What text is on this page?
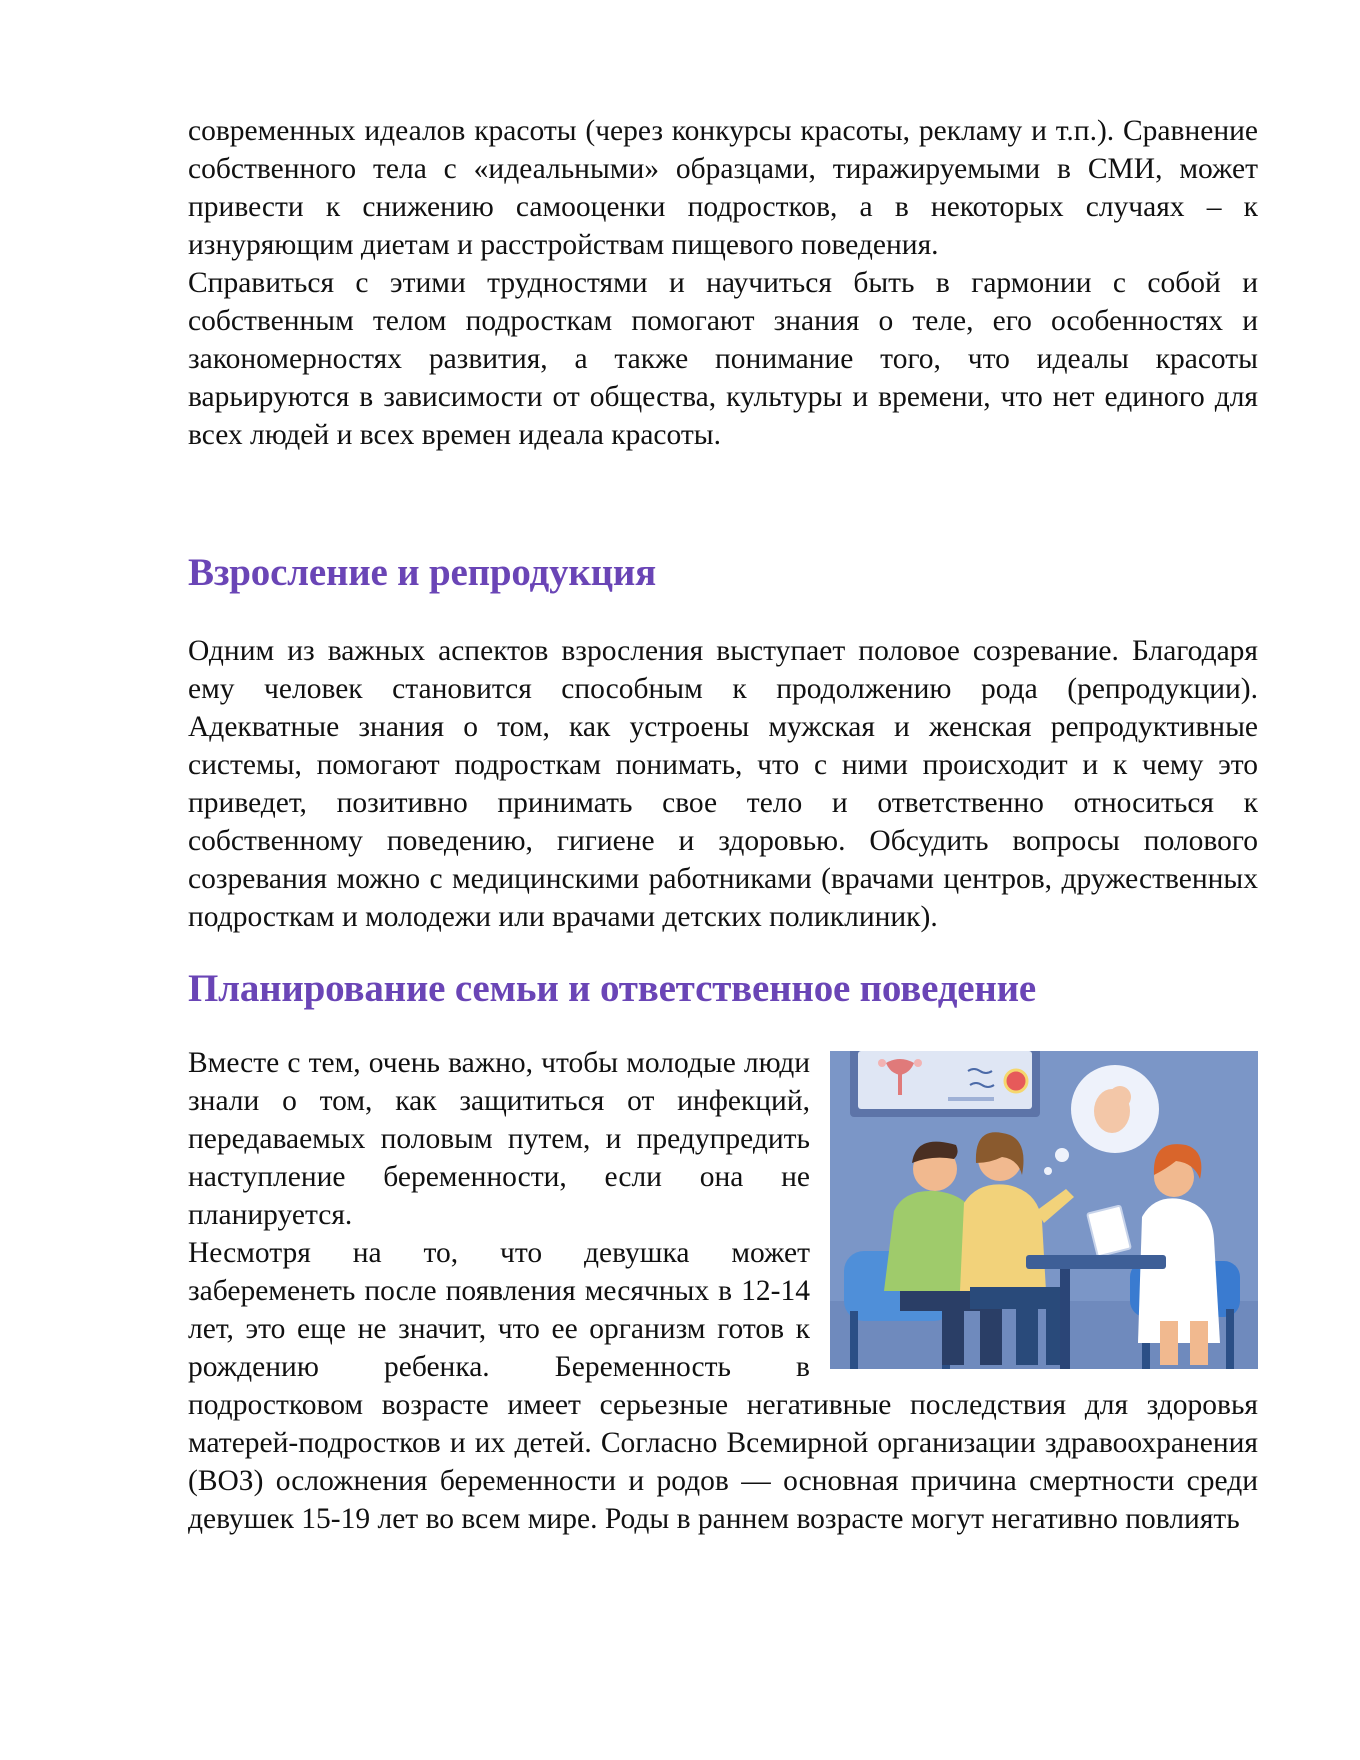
современных идеалов красоты (через конкурсы красоты, рекламу и т.п.). Сравнение собственного тела с «идеальными» образцами, тиражируемыми в СМИ, может привести к снижению самооценки подростков, а в некоторых случаях – к изнуряющим диетам и расстройствам пищевого поведения.

Справиться с этими трудностями и научиться быть в гармонии с собой и собственным телом подросткам помогают знания о теле, его особенностях и закономерностях развития, а также понимание того, что идеалы красоты варьируются в зависимости от общества, культуры и времени, что нет единого для всех людей и всех времен идеала красоты.

Взросление и репродукция

Одним из важных аспектов взросления выступает половое созревание. Благодаря ему человек становится способным к продолжению рода (репродукции). Адекватные знания о том, как устроены мужская и женская репродуктивные системы, помогают подросткам понимать, что с ними происходит и к чему это приведет, позитивно принимать свое тело и ответственно относиться к собственному поведению, гигиене и здоровью. Обсудить вопросы полового созревания можно с медицинскими работниками (врачами центров, дружественных подросткам и молодежи или врачами детских поликлиник).

Планирование семьи и ответственное поведение

Вместе с тем, очень важно, чтобы молодые люди знали о том, как защититься от инфекций, передаваемых половым путем, и предупредить наступление беременности, если она не планируется.

Несмотря на то, что девушка может забеременеть после появления месячных в 12-14 лет, это еще не значит, что ее организм готов к рождению ребенка. Беременность в подростковом возрасте имеет серьезные негативные последствия для здоровья матерей-подростков и их детей. Согласно Всемирной организации здравоохранения (ВОЗ) осложнения беременности и родов — основная причина смертности среди девушек 15-19 лет во всем мире. Роды в раннем возрасте могут негативно повлиять
